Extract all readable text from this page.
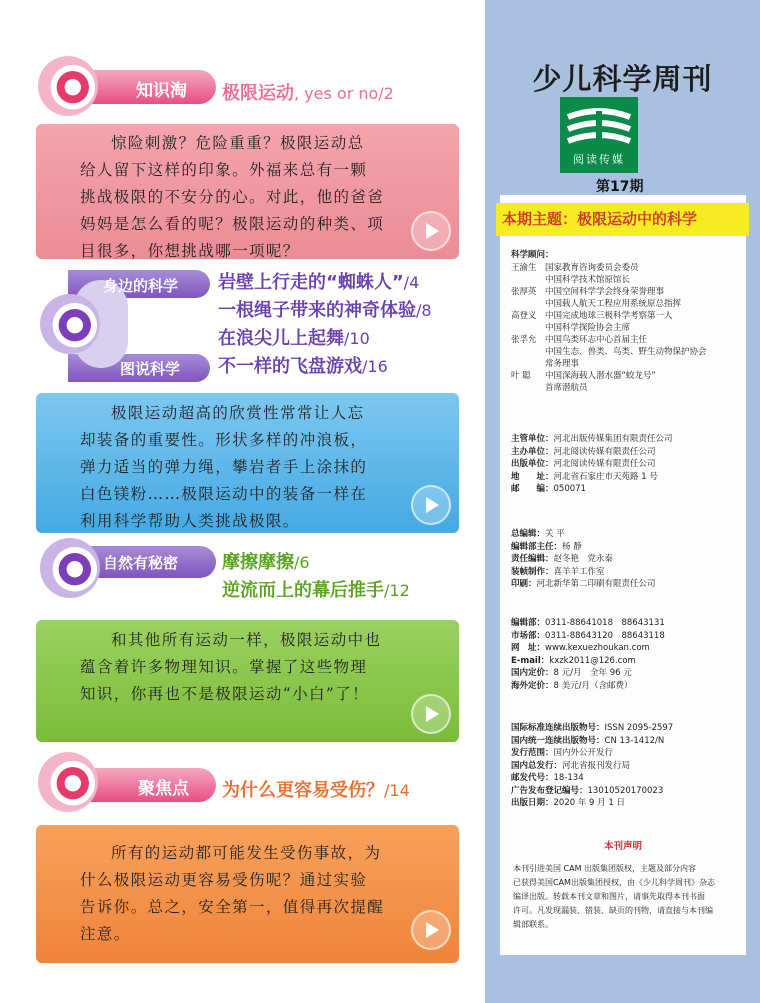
少儿科学周刊
阅读传媒
第17期
本期主题：极限运动中的科学
科学顾问：
王渝生 国家教育咨询委员会委员
中国科学技术馆原馆长
张厚英 中国空间科学学会终身荣誉理事
中国载人航天工程应用系统原总指挥
高登义 中国完成地球三极科学考察第一人
中国科学探险协会主席
张孚允 中国鸟类环志中心首届主任
中国生态、兽类、鸟类、野生动物保护协会
常务理事
叶 聪 中国深海载人潜水器“蛟龙号”
首席潜航员
主管单位：河北出版传媒集团有限责任公司
主办单位：河北阅读传媒有限责任公司
出版单位：河北阅读传媒有限责任公司
地　　址：河北省石家庄市天苑路 1 号
邮　　编：050071
总编辑：关 平
编辑部主任：杨 静
责任编辑：赵冬艳　党永泰
装帧制作：喜羊羊工作室
印刷：河北新华第二印刷有限责任公司
编辑部：0311-88641018　88643131
市场部：0311-88643120　88643118
网　址：www.kexuezhoukan.com
E-mail：kxzk2011@126.com
国内定价：8 元/月　全年 96 元
海外定价：8 美元/月（含邮费）
国际标准连续出版物号：ISSN 2095-2597
国内统一连续出版物号：CN 13-1412/N
发行范围：国内外公开发行
国内总发行：河北省报刊发行局
邮发代号：18-134
广告发布登记编号：13010520170023
出版日期：2020 年 9 月 1 日
本刊声明
本刊引进美国 CAM 出版集团版权，主题及部分内容
已获得美国CAM出版集团授权，由《少儿科学周刊》杂志
编译出版。转载本刊文章和图片，请事先取得本刊书面
许可。凡发现漏装、错装、缺页的刊物，请直接与本刊编
辑部联系。
知识淘 极限运动, yes or no/2
惊险刺激？危险重重？极限运动总
给人留下这样的印象。外福来总有一颗
挑战极限的不安分的心。对此，他的爸爸
妈妈是怎么看的呢？极限运动的种类、项
目很多，你想挑战哪一项呢？
身边的科学
图说科学
岩壁上行走的“蜘蛛人”/4
一根绳子带来的神奇体验/8
在浪尖儿上起舞/10
不一样的飞盘游戏/16
极限运动超高的欣赏性常常让人忘
却装备的重要性。形状多样的冲浪板，
弹力适当的弹力绳，攀岩者手上涂抹的
白色镁粉……极限运动中的装备一样在
利用科学帮助人类挑战极限。
自然有秘密 摩擦摩擦/6
逆流而上的幕后推手/12
和其他所有运动一样，极限运动中也
蕴含着许多物理知识。掌握了这些物理
知识，你再也不是极限运动“小白”了！
聚焦点 为什么更容易受伤？/14
所有的运动都可能发生受伤事故，为
什么极限运动更容易受伤呢？通过实验
告诉你。总之，安全第一，值得再次提醒
注意。
